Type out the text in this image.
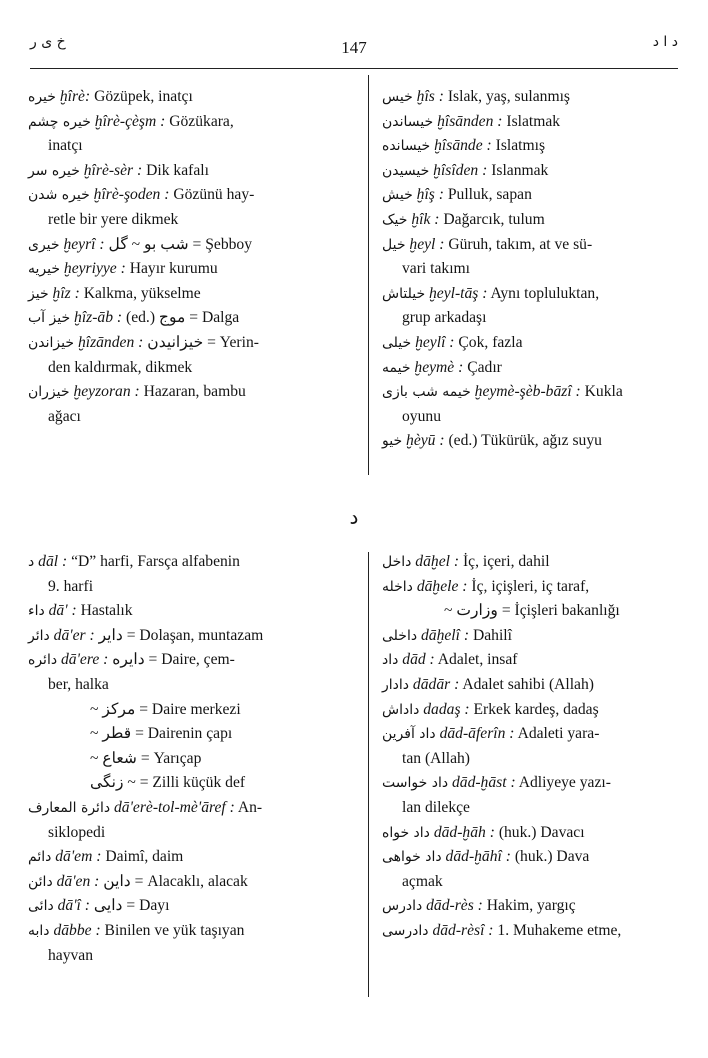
خ ی ر	147	د ا د
خیره ḫîrè: Gözüpek, inatçı
خیره چشم ḫîrè-çèşm : Gözükara,
inatçı
خیره سر ḫîrè-sèr : Dik kafalı
خیره شدن ḫîrè-şoden : Gözünü hay-
retle bir yere dikmek
خیری ḫeyrî : شب بو ~ گل = Şebboy
خیریه ḫeyriyye : Hayır kurumu
خیز ḫîz : Kalkma, yükselme
خیز آب ḫîz-āb : (ed.) موج = Dalga
خیزاندن ḫîzānden : خیزانیدن = Yerin-
den kaldırmak, dikmek
خیزران ḫeyzoran : Hazaran, bambu
ağacı
خیس ḫîs : Islak, yaş, sulanmış
خیساندن ḫîsānden : Islatmak
خیسانده ḫîsānde : Islatmış
خیسیدن ḫîsîden : Islanmak
خیش ḫîş : Pulluk, sapan
خیک ḫîk : Dağarcık, tulum
خیل ḫeyl : Güruh, takım, at ve sü-
vari takımı
خیلتاش ḫeyl-tāş : Aynı topluluktan,
grup arkadaşı
خیلی ḫeylî : Çok, fazla
خیمه ḫeymè : Çadır
خیمه شب بازی ḫeymè-şèb-bāzî : Kukla
oyunu
خیو ḫèyū : (ed.) Tükürük, ağız suyu
د
د dāl : “D” harfi, Farsça alfabenin
9. harfi
داء dā' : Hastalık
دائر dā'er : دایر = Dolaşan, muntazam
دائره dā'ere : دایره = Daire, çem-
ber, halka
~ مرکز = Daire merkezi
~ قطر = Dairenin çapı
~ شعاع = Yarıçap
زنگی ~ = Zilli küçük def
دائرة المعارف dā'erè-tol-mè'āref : An-
siklopedi
دائم dā'em : Daimî, daim
دائن dā'en : داین = Alacaklı, alacak
دائی dā'î : دایی = Dayı
دابه dābbe : Binilen ve yük taşıyan
hayvan
داخل dāḫel : İç, içeri, dahil
داخله dāḫele : İç, içişleri, iç taraf,
~ وزارت = İçişleri bakanlığı
داخلی dāḫelî : Dahilî
داد dād : Adalet, insaf
دادار dādār : Adalet sahibi (Allah)
داداش dadaş : Erkek kardeş, dadaş
داد آفرین dād-āferîn : Adaleti yara-
tan (Allah)
داد خواست dād-ḫāst : Adliyeye yazı-
lan dilekçe
داد خواه dād-ḫāh : (huk.) Davacı
داد خواهی dād-ḫāhî : (huk.) Dava
açmak
دادرس dād-rès : Hakim, yargıç
دادرسی dād-rèsî : 1. Muhakeme etme,
